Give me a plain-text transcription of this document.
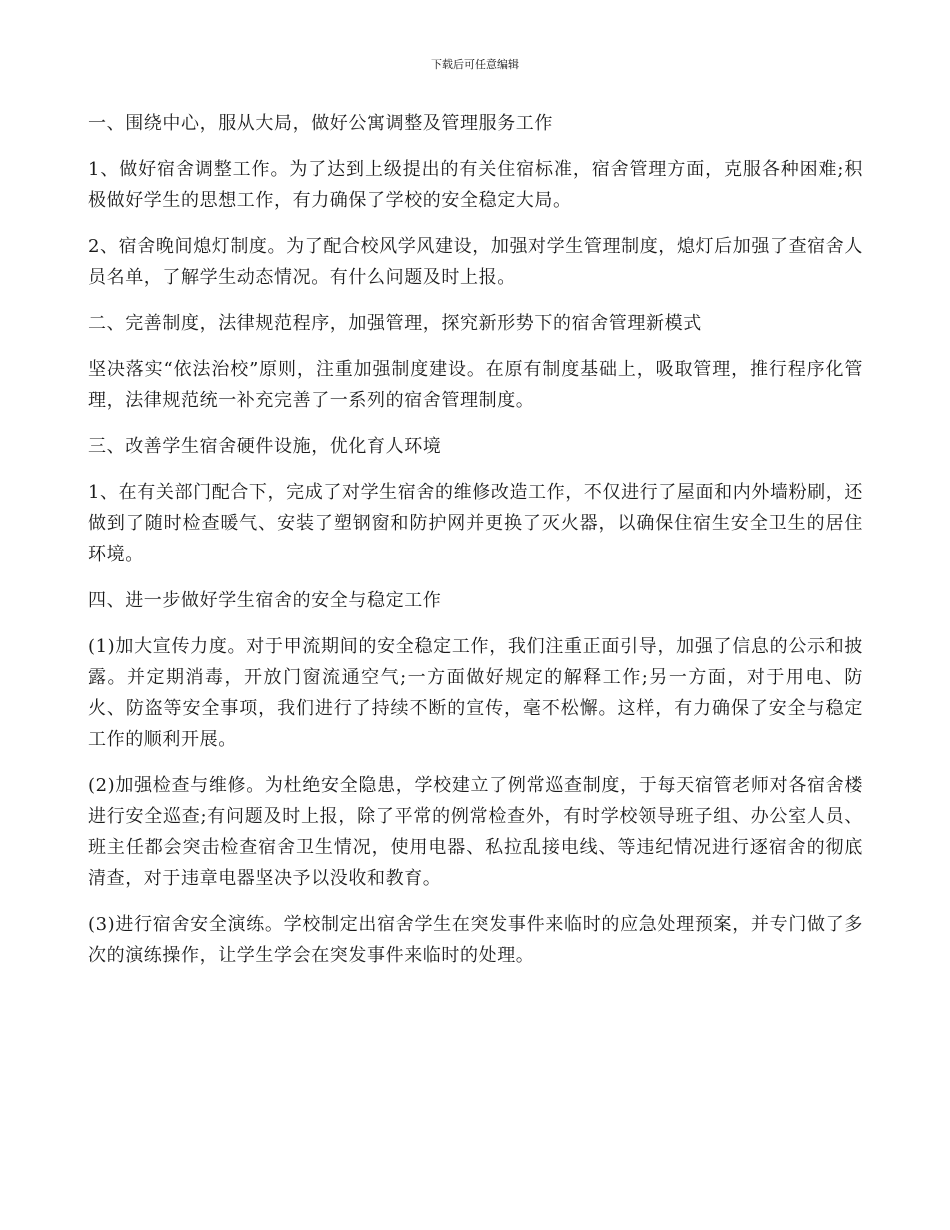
下载后可任意编辑

一、围绕中心，服从大局，做好公寓调整及管理服务工作

1、做好宿舍调整工作。为了达到上级提出的有关住宿标准，宿舍管理方面，克服各种困难;积极做好学生的思想工作，有力确保了学校的安全稳定大局。

2、宿舍晚间熄灯制度。为了配合校风学风建设，加强对学生管理制度，熄灯后加强了查宿舍人员名单，了解学生动态情况。有什么问题及时上报。

二、完善制度，法律规范程序，加强管理，探究新形势下的宿舍管理新模式

坚决落实“依法治校”原则，注重加强制度建设。在原有制度基础上，吸取管理，推行程序化管理，法律规范统一补充完善了一系列的宿舍管理制度。

三、改善学生宿舍硬件设施，优化育人环境

1、在有关部门配合下，完成了对学生宿舍的维修改造工作，不仅进行了屋面和内外墙粉刷，还做到了随时检查暖气、安装了塑钢窗和防护网并更换了灭火器，以确保住宿生安全卫生的居住环境。

四、进一步做好学生宿舍的安全与稳定工作

(1)加大宣传力度。对于甲流期间的安全稳定工作，我们注重正面引导，加强了信息的公示和披露。并定期消毒，开放门窗流通空气;一方面做好规定的解释工作;另一方面，对于用电、防火、防盗等安全事项，我们进行了持续不断的宣传，毫不松懈。这样，有力确保了安全与稳定工作的顺利开展。

(2)加强检查与维修。为杜绝安全隐患，学校建立了例常巡查制度，于每天宿管老师对各宿舍楼进行安全巡查;有问题及时上报，除了平常的例常检查外，有时学校领导班子组、办公室人员、班主任都会突击检查宿舍卫生情况，使用电器、私拉乱接电线、等违纪情况进行逐宿舍的彻底清查，对于违章电器坚决予以没收和教育。

(3)进行宿舍安全演练。学校制定出宿舍学生在突发事件来临时的应急处理预案，并专门做了多次的演练操作，让学生学会在突发事件来临时的处理。
